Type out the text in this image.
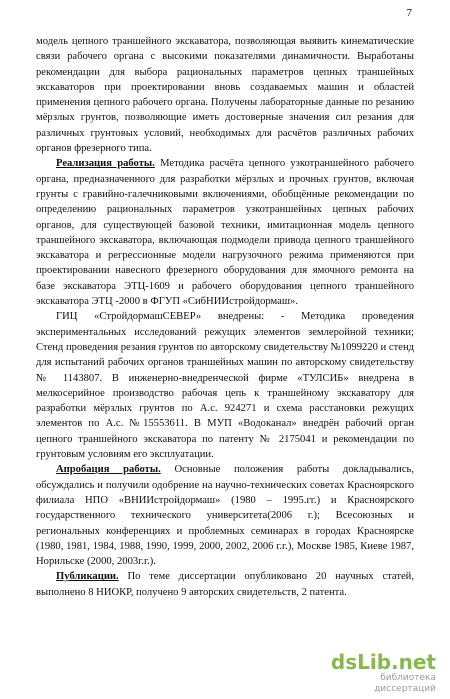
7

модель цепного траншейного экскаватора, позволяющая выявить кинематические связи рабочего органа с высокими показателями динамичности. Выработаны рекомендации для выбора рациональных параметров цепных траншейных экскаваторов при проектировании вновь создаваемых машин и областей применения цепного рабочего органа. Получены лабораторные данные по резанию мёрзлых грунтов, позволяющие иметь достоверные значения сил резания для различных грунтовых условий, необходимых для расчётов различных рабочих органов фрезерного типа.

Реализация работы. Методика расчёта цепного узкотраншейного рабочего органа, предназначенного для разработки мёрзлых и прочных грунтов, включая грунты с гравийно-галечниковыми включениями, обобщённые рекомендации по определению рациональных параметров узкотраншейных цепных рабочих органов, для существующей базовой техники, имитационная модель цепного траншейного экскаватора, включающая подмодели привода цепного траншейного экскаватора и регрессионные модели нагрузочного режима применяются при проектировании навесного фрезерного оборудования для ямочного ремонта на базе экскаватора ЭТЦ-1609 и рабочего оборудования цепного траншейного экскаватора ЭТЦ -2000 в ФГУП «СибНИИстройдормаш».

ГИЦ «СтройдормашСЕВЕР» внедрены: - Методика проведения экспериментальных исследований режущих элементов землеройной техники; Стенд проведения резания грунтов по авторскому свидетельству №1099220 и стенд для испытаний рабочих органов траншейных машин по авторскому свидетельству № 1143807. В инженерно-внедренческой фирме «ТУЛСИБ» внедрена в мелкосерийное производство рабочая цепь к траншейному экскаватору для разработки мёрзлых грунтов по А.с. 924271 и схема расстановки режущих элементов по А.с. №15553611. В МУП «Водоканал» внедрён рабочий орган цепного траншейного экскаватора по патенту № 2175041 и рекомендации по грунтовым условиям его эксплуатации.

Апробация работы. Основные положения работы докладывались, обсуждались и получили одобрение на научно-технических советах Красноярского филиала НПО «ВНИИстройдормаш» (1980 – 1995.гг.) и Красноярского государственного технического университета(2006 г.); Всесоюзных и региональных конференциях и проблемных семинарах в городах Красноярске (1980, 1981, 1984, 1988, 1990, 1999, 2000, 2002, 2006 г.г.), Москве 1985, Киеве 1987, Норильске (2000, 2003г.г.).

Публикации. По теме диссертации опубликовано 20 научных статей, выполнено 8 НИОКР, получено 9 авторских свидетельств, 2 патента.

dsLib.net
библиотека диссертаций
